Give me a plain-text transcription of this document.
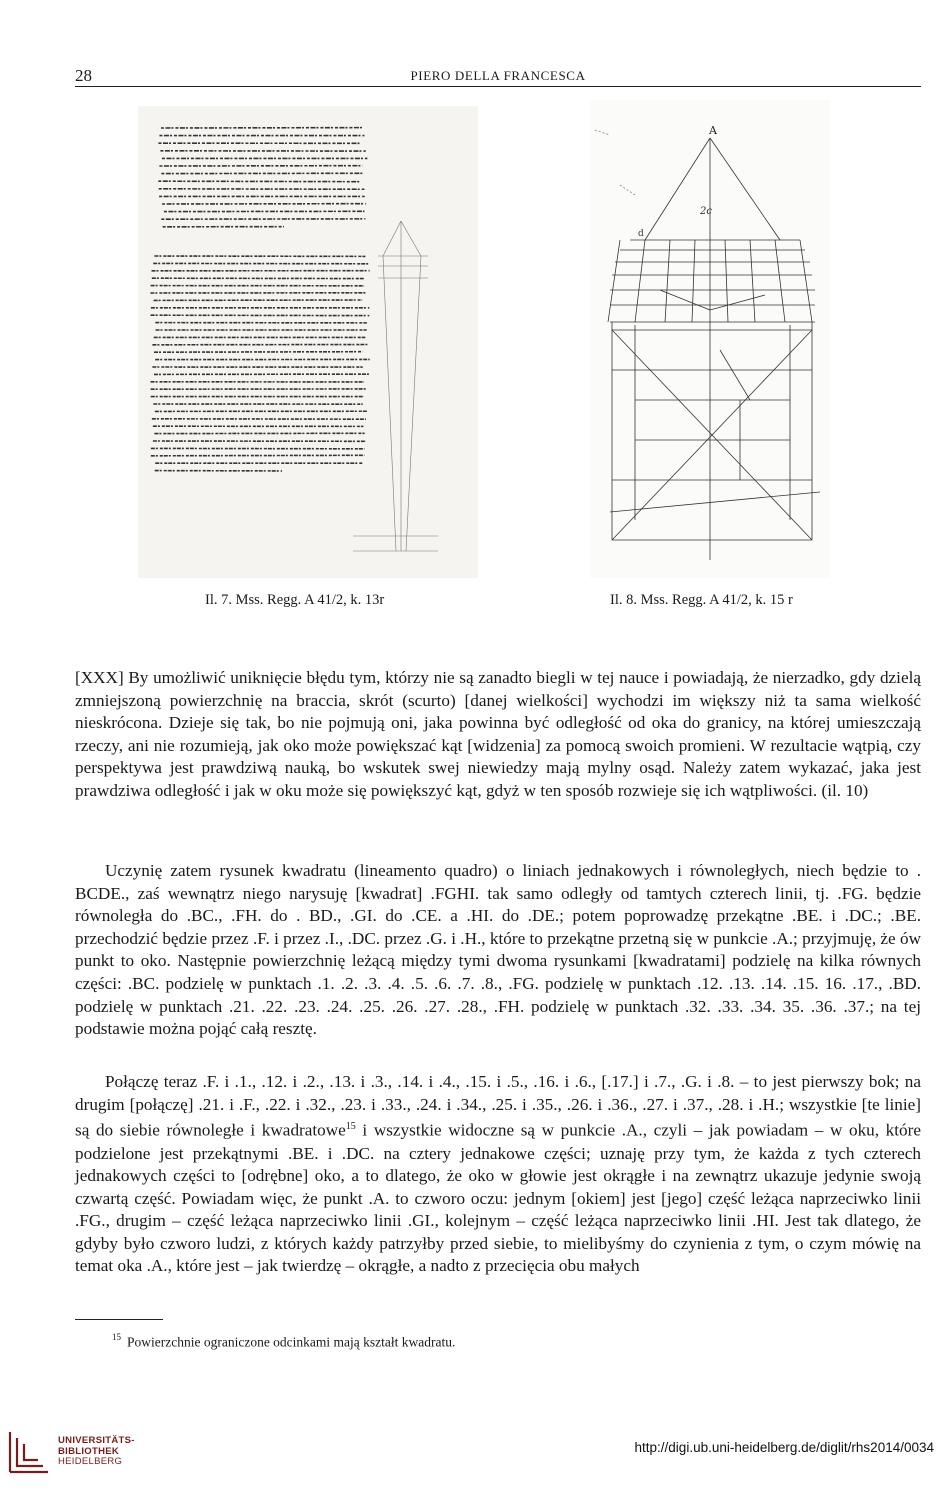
28	PIERO DELLA FRANCESCA
A
2c
d
Il. 7. Mss. Regg. A 41/2, k. 13r	Il. 8. Mss. Regg. A 41/2, k. 15 r

[XXX] By umożliwić uniknięcie błędu tym, którzy nie są zanadto biegli w tej nauce i powiadają, że nierzadko, gdy dzielą zmniejszoną powierzchnię na braccia, skrót (scurto) [danej wielkości] wychodzi im większy niż ta sama wielkość nieskrócona. Dzieje się tak, bo nie pojmują oni, jaka powinna być odległość od oka do granicy, na której umieszczają rzeczy, ani nie rozumieją, jak oko może powiększać kąt [widzenia] za pomocą swoich promieni. W rezultacie wątpią, czy perspektywa jest prawdziwą nauką, bo wskutek swej niewiedzy mają mylny osąd. Należy zatem wykazać, jaka jest prawdziwa odległość i jak w oku może się powiększyć kąt, gdyż w ten sposób rozwieje się ich wątpliwości. (il. 10)

Uczynię zatem rysunek kwadratu (lineamento quadro) o liniach jednakowych i równoległych, niech będzie to . BCDE., zaś wewnątrz niego narysuję [kwadrat] .FGHI. tak samo odległy od tamtych czterech linii, tj. .FG. będzie równoległa do .BC., .FH. do . BD., .GI. do .CE. a .HI. do .DE.; potem poprowadzę przekątne .BE. i .DC.; .BE. przechodzić będzie przez .F. i przez .I., .DC. przez .G. i .H., które to przekątne przetną się w punkcie .A.; przyjmuję, że ów punkt to oko. Następnie powierzchnię leżącą między tymi dwoma rysunkami [kwadratami] podzielę na kilka równych części: .BC. podzielę w punktach .1. .2. .3. .4. .5. .6. .7. .8., .FG. podzielę w punktach .12. .13. .14. .15. 16. .17., .BD. podzielę w punktach .21. .22. .23. .24. .25. .26. .27. .28., .FH. podzielę w punktach .32. .33. .34. 35. .36. .37.; na tej podstawie można pojąć całą resztę.

Połączę teraz .F. i .1., .12. i .2., .13. i .3., .14. i .4., .15. i .5., .16. i .6., [.17.] i .7., .G. i .8. – to jest pierwszy bok; na drugim [połączę] .21. i .F., .22. i .32., .23. i .33., .24. i .34., .25. i .35., .26. i .36., .27. i .37., .28. i .H.; wszystkie [te linie] są do siebie równoległe i kwadratowe$^{15}$ i wszystkie widoczne są w punkcie .A., czyli – jak powiadam – w oku, które podzielone jest przekątnymi .BE. i .DC. na cztery jednakowe części; uznaję przy tym, że każda z tych czterech jednakowych części to [odrębne] oko, a to dlatego, że oko w głowie jest okrągłe i na zewnątrz ukazuje jedynie swoją czwartą część. Powiadam więc, że punkt .A. to czworo oczu: jednym [okiem] jest [jego] część leżąca naprzeciwko linii .FG., drugim – część leżąca naprzeciwko linii .GI., kolejnym – część leżąca naprzeciwko linii .HI. Jest tak dlatego, że gdyby było czworo ludzi, z których każdy patrzyłby przed siebie, to mielibyśmy do czynienia z tym, o czym mówię na temat oka .A., które jest – jak twierdzę – okrągłe, a nadto z przecięcia obu małych

$^{15}$ Powierzchnie ograniczone odcinkami mają kształt kwadratu.
UNIVERSITÄTS-
BIBLIOTHEK
HEIDELBERG
http://digi.ub.uni-heidelberg.de/diglit/rhs2014/0034
